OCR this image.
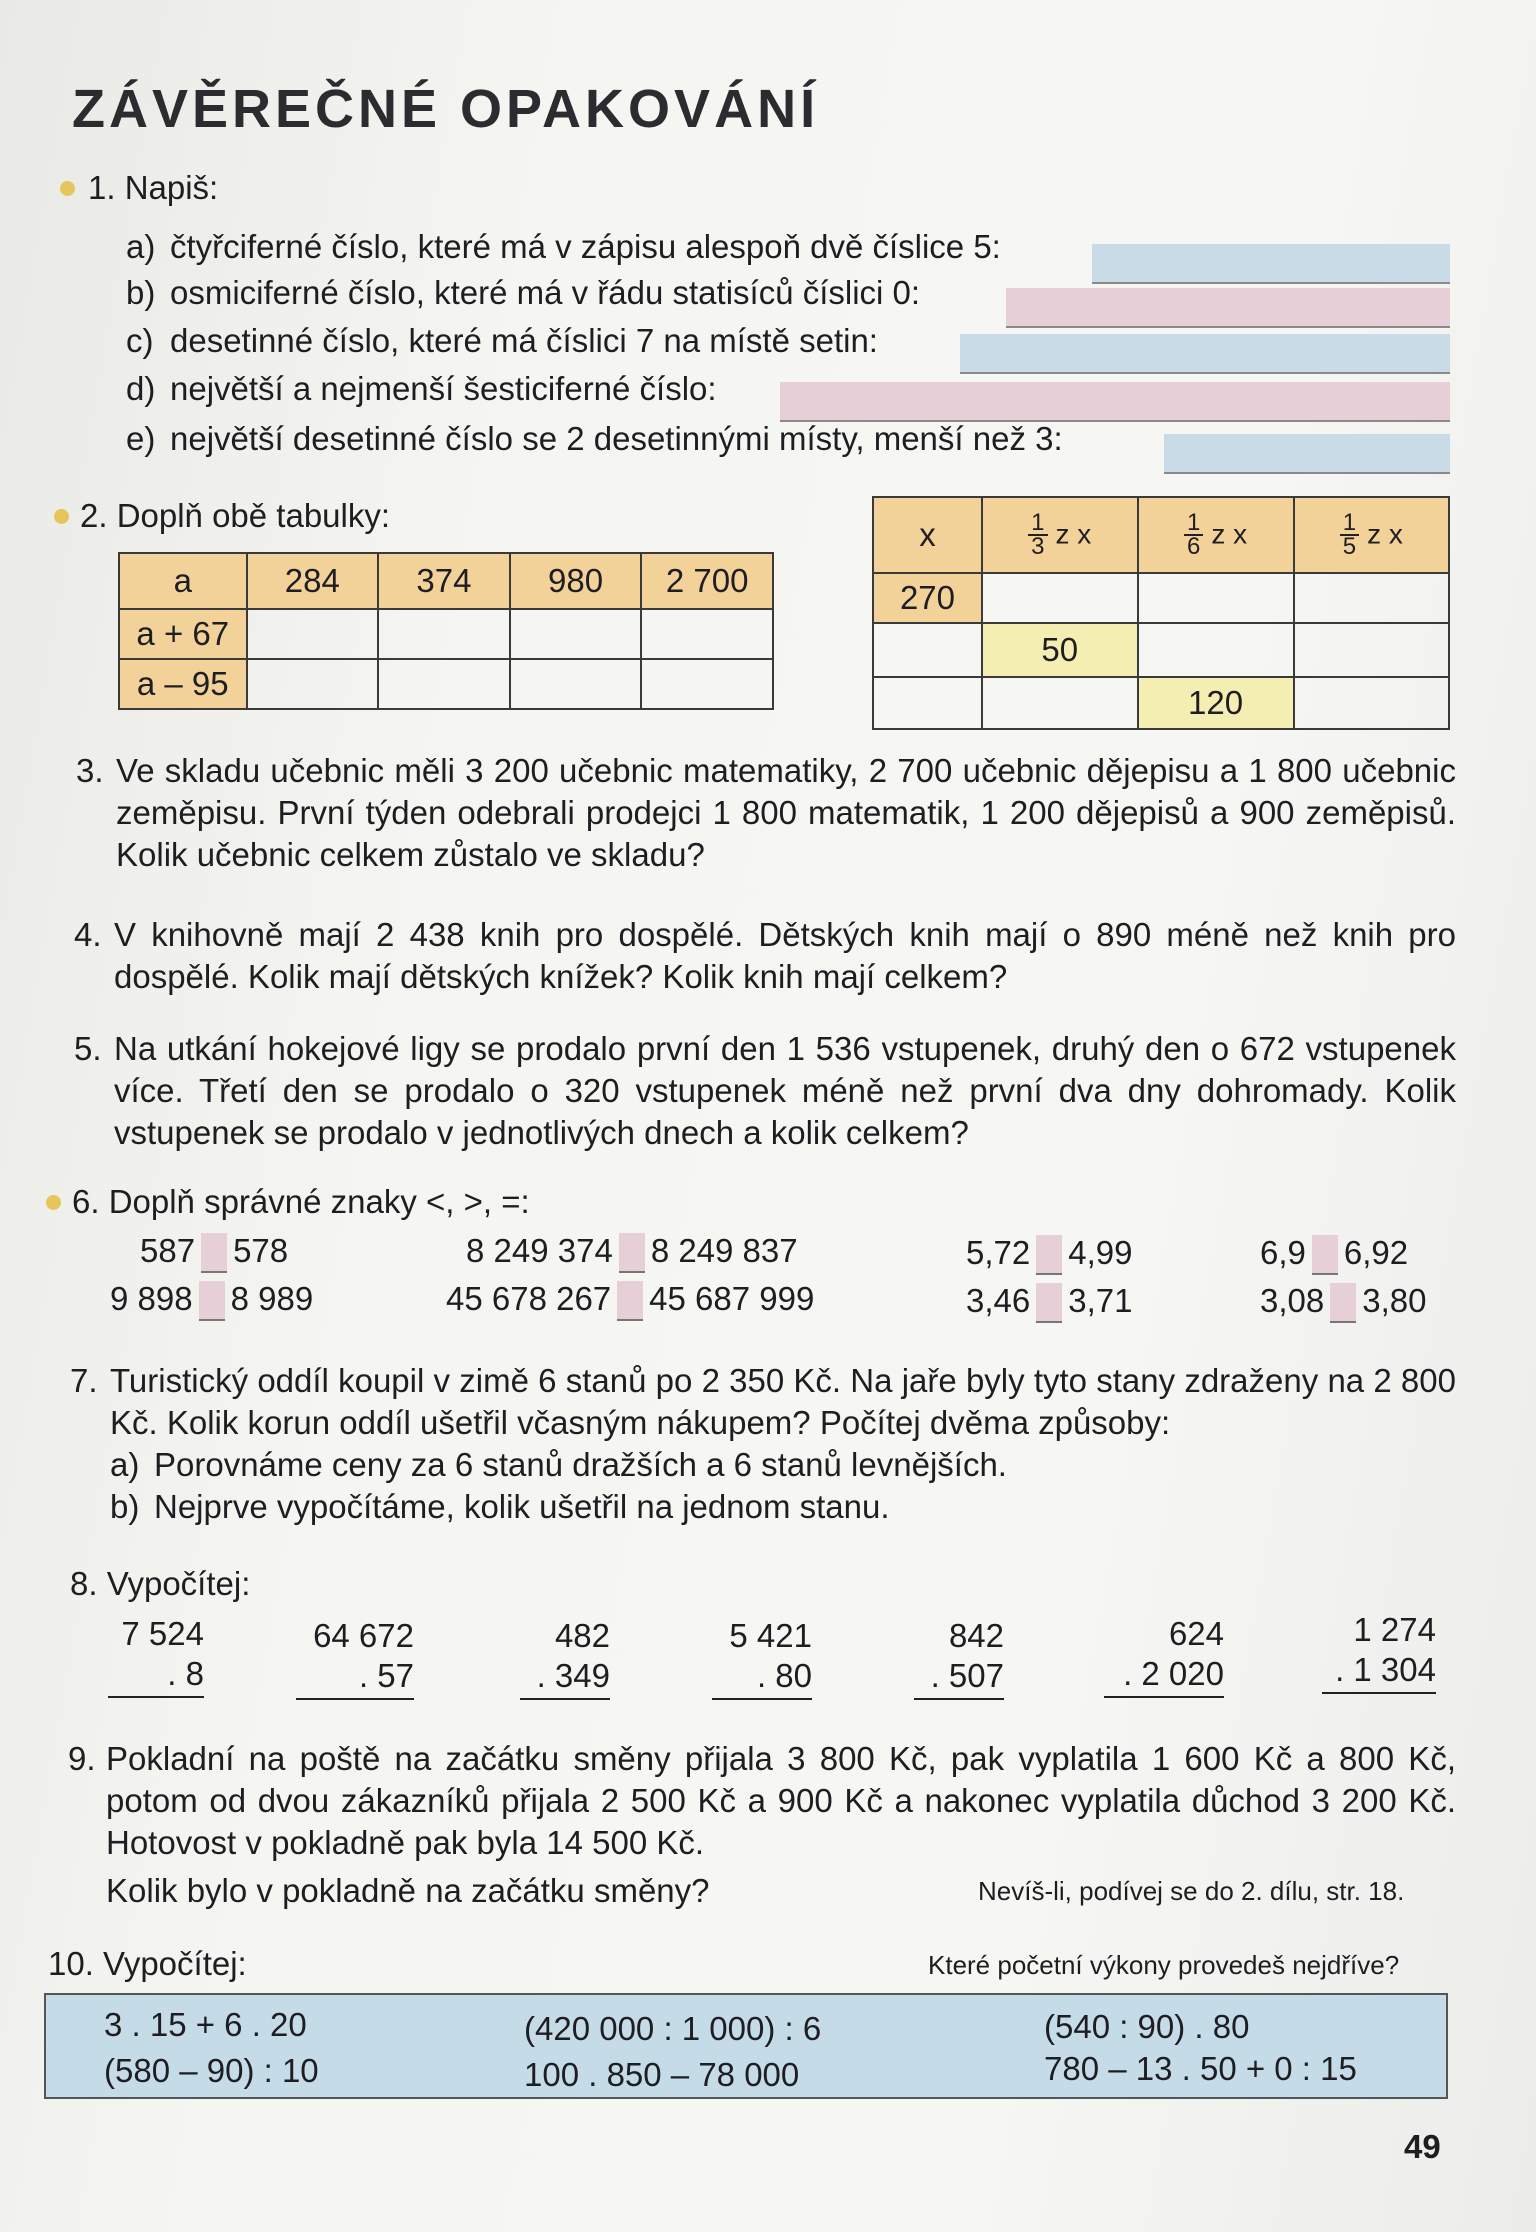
ZÁVĚREČNÉ OPAKOVÁNÍ
1. Napiš:
a) čtyřciferné číslo, které má v zápisu alespoň dvě číslice 5:
b) osmiciferné číslo, které má v řádu statisíců číslici 0:
c) desetinné číslo, které má číslici 7 na místě setin:
d) největší a nejmenší šesticiferné číslo:
e) největší desetinné číslo se 2 desetinnými místy, menší než 3:
2. Doplň obě tabulky:
a	284	374	980	2 700
a + 67				
a – 95				
x	$\frac{1}{3}$ z x	$\frac{1}{6}$ z x	$\frac{1}{5}$ z x
270			
	50		
		120	
3. Ve skladu učebnic měli 3 200 učebnic matematiky, 2 700 učebnic dějepisu a 1 800 učebnic zeměpisu. První týden odebrali prodejci 1 800 matematik, 1 200 dějepisů a 900 zeměpisů. Kolik učebnic celkem zůstalo ve skladu?
4. V knihovně mají 2 438 knih pro dospělé. Dětských knih mají o 890 méně než knih pro dospělé. Kolik mají dětských knížek? Kolik knih mají celkem?
5. Na utkání hokejové ligy se prodalo první den 1 536 vstupenek, druhý den o 672 vstupenek více. Třetí den se prodalo o 320 vstupenek méně než první dva dny dohromady. Kolik vstupenek se prodalo v jednotlivých dnech a kolik celkem?
6. Doplň správné znaky <, >, =:
587 578	8 249 374 8 249 837	5,72 4,99	6,9 6,92
9 898 8 989	45 678 267 45 687 999	3,46 3,71	3,08 3,80
7. Turistický oddíl koupil v zimě 6 stanů po 2 350 Kč. Na jaře byly tyto stany zdraženy na 2 800 Kč. Kolik korun oddíl ušetřil včasným nákupem? Počítej dvěma způsoby:
a) Porovnáme ceny za 6 stanů dražších a 6 stanů levnějších.
b) Nejprve vypočítáme, kolik ušetřil na jednom stanu.
8. Vypočítej:
7 524
. 8
64 672
. 57
482
. 349
5 421
. 80
842
. 507
624
. 2 020
1 274
. 1 304
9. Pokladní na poště na začátku směny přijala 3 800 Kč, pak vyplatila 1 600 Kč a 800 Kč, potom od dvou zákazníků přijala 2 500 Kč a 900 Kč a nakonec vyplatila důchod 3 200 Kč. Hotovost v pokladně pak byla 14 500 Kč.
Kolik bylo v pokladně na začátku směny?	Nevíš-li, podívej se do 2. dílu, str. 18.
10. Vypočítej:	Které početní výkony provedeš nejdříve?
3 . 15 + 6 . 20	(420 000 : 1 000) : 6	(540 : 90) . 80
(580 – 90) : 10	100 . 850 – 78 000	780 – 13 . 50 + 0 : 15
49
